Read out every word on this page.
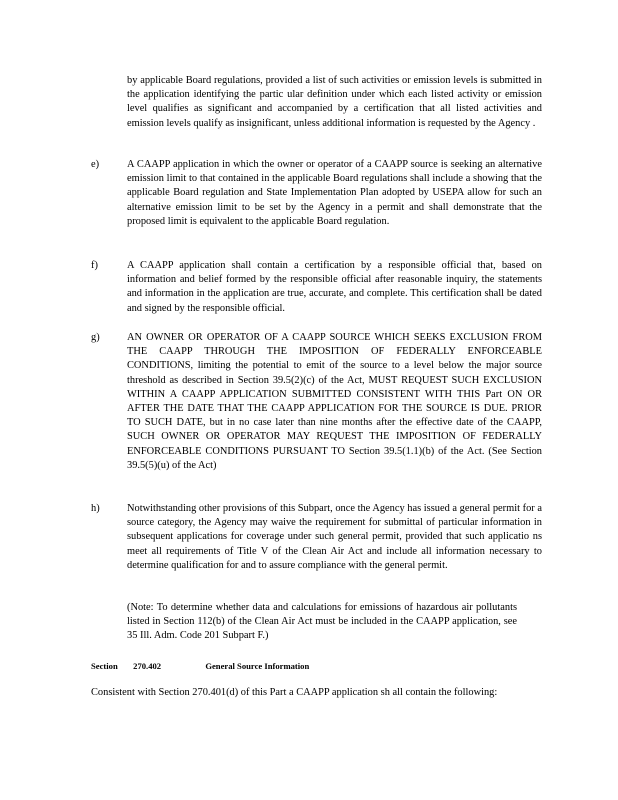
by applicable Board regulations, provided a list of such activities or emission levels is submitted in the application identifying the partic ular definition under which each listed activity or emission level qualifies as significant and accompanied by a certification that all listed activities and emission levels qualify as insignificant, unless additional information is requested by the Agency .

e)	A CAAPP application in which the owner or operator of a CAAPP source is seeking an alternative emission limit to that contained in the applicable Board regulations shall include a showing that the applicable Board regulation and State Implementation Plan adopted by USEPA allow for such an alternative emission limit to be set by the Agency in a permit and shall demonstrate that the proposed limit is equivalent to the applicable Board regulation.

f)	A CAAPP application shall contain a certification by a responsible official that, based on information and belief formed by the responsible official after reasonable inquiry, the statements and information in the application are true, accurate, and complete. This certification shall be dated and signed by the responsible official.

g)	AN OWNER OR OPERATOR OF A CAAPP SOURCE WHICH SEEKS EXCLUSION FROM THE CAAPP THROUGH THE IMPOSITION OF FEDERALLY ENFORCEABLE CONDITIONS, limiting the potential to emit of the source to a level below the major source threshold as described in Section 39.5(2)(c) of the Act, MUST REQUEST SUCH EXCLUSION WITHIN A CAAPP APPLICATION SUBMITTED CONSISTENT WITH THIS Part ON OR AFTER THE DATE THAT THE CAAPP APPLICATION FOR THE SOURCE IS DUE. PRIOR TO SUCH DATE, but in no case later than nine months after the effective date of the CAAPP, SUCH OWNER OR OPERATOR MAY REQUEST THE IMPOSITION OF FEDERALLY ENFORCEABLE CONDITIONS PURSUANT TO Section 39.5(1.1)(b) of the Act. (See Section 39.5(5)(u) of the Act)

h)	Notwithstanding other provisions of this Subpart, once the Agency has issued a general permit for a source category, the Agency may waive the requirement for submittal of particular information in subsequent applications for coverage under such general permit, provided that such applicatio ns meet all requirements of Title V of the Clean Air Act and include all information necessary to determine qualification for and to assure compliance with the general permit.

(Note: To determine whether data and calculations for emissions of hazardous air pollutants listed in Section 112(b) of the Clean Air Act must be included in the CAAPP application, see 35 Ill. Adm. Code 201 Subpart F.)

Section 270.402	General Source Information

Consistent with Section 270.401(d) of this Part a CAAPP application sh all contain the following:
